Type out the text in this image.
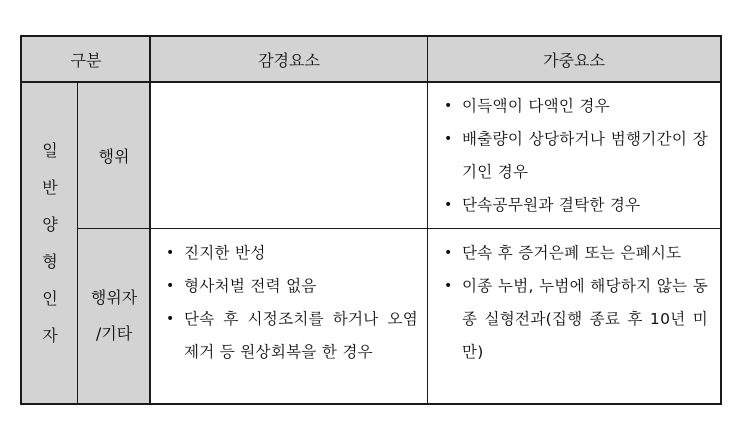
구분	감경요소	가중요소
일
반
양
형
인
자
행위
• 이득액이 다액인 경우
• 배출량이 상당하거나 범행기간이 장기인 경우
• 단속공무원과 결탁한 경우
행위자
/기타
• 진지한 반성
• 형사처벌 전력 없음
• 단속 후 시정조치를 하거나 오염제거 등 원상회복을 한 경우
• 단속 후 증거은폐 또는 은폐시도
• 이종 누범, 누범에 해당하지 않는 동종 실형전과(집행 종료 후 10년 미만)
